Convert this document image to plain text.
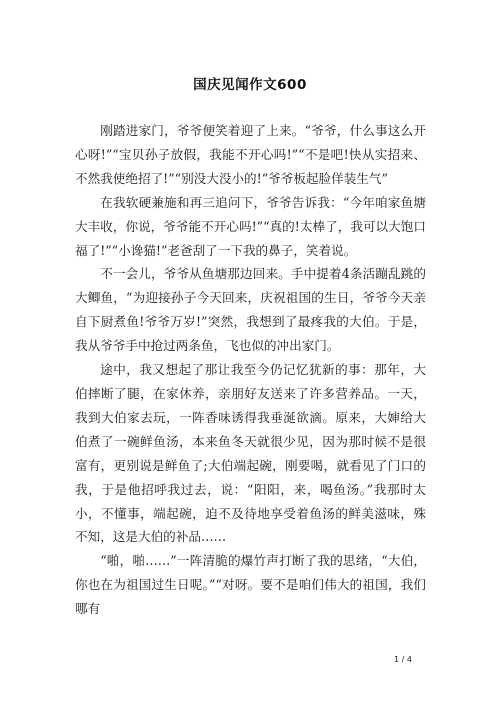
国庆见闻作文600

刚踏进家门，爷爷便笑着迎了上来。“爷爷，什么事这么开心呀!”“宝贝孙子放假，我能不开心吗!”“不是吧!快从实招来、不然我使绝招了!”“别没大没小的!”爷爷板起脸佯装生气”

在我软硬兼施和再三追问下，爷爷告诉我：“今年咱家鱼塘大丰收，你说，爷爷能不开心吗!”“真的!太棒了，我可以大饱口福了!”“小谗猫!”老爸刮了一下我的鼻子，笑着说。

不一会儿，爷爷从鱼塘那边回来。手中提着4条活蹦乱跳的大鲫鱼，“为迎接孙子今天回来，庆祝祖国的生日，爷爷今天亲自下厨煮鱼!爷爷万岁!”突然，我想到了最疼我的大伯。于是，我从爷爷手中抢过两条鱼，飞也似的冲出家门。

途中，我又想起了那让我至今仍记忆犹新的事：那年，大伯摔断了腿，在家休养，亲朋好友送来了许多营养品。一天，我到大伯家去玩，一阵香味诱得我垂涎欲滴。原来，大婶给大伯煮了一碗鲜鱼汤，本来鱼冬天就很少见，因为那时候不是很富有，更别说是鲜鱼了;大伯端起碗，刚要喝，就看见了门口的我，于是他招呼我过去，说：“阳阳，来，喝鱼汤。”我那时太小，不懂事，端起碗，迫不及待地享受着鱼汤的鲜美滋味，殊不知，这是大伯的补品……

“啪，啪……”一阵清脆的爆竹声打断了我的思绪，“大伯，你也在为祖国过生日呢。”“对呀。要不是咱们伟大的祖国，我们哪有

1 / 4
